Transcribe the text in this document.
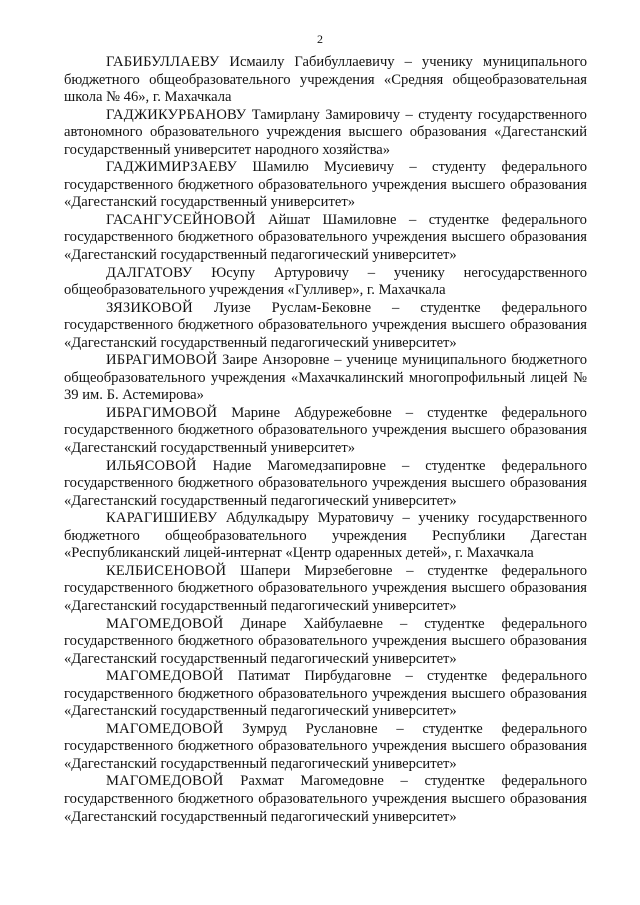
2

ГАБИБУЛЛАЕВУ Исмаилу Габибуллаевичу – ученику муниципального бюджетного общеобразовательного учреждения «Средняя общеобразовательная школа № 46», г. Махачкала

ГАДЖИКУРБАНОВУ Тамирлану Замировичу – студенту государственного автономного образовательного учреждения высшего образования «Дагестанский государственный университет народного хозяйства»

ГАДЖИМИРЗАЕВУ Шамилю Мусиевичу – студенту федерального государственного бюджетного образовательного учреждения высшего образования «Дагестанский государственный университет»

ГАСАНГУСЕЙНОВОЙ Айшат Шамиловне – студентке федерального государственного бюджетного образовательного учреждения высшего образования «Дагестанский государственный педагогический университет»

ДАЛГАТОВУ Юсупу Артуровичу – ученику негосударственного общеобразовательного учреждения «Гулливер», г. Махачкала

ЗЯЗИКОВОЙ Луизе Руслам-Бековне – студентке федерального государственного бюджетного образовательного учреждения высшего образования «Дагестанский государственный педагогический университет»

ИБРАГИМОВОЙ Заире Анзоровне – ученице муниципального бюджетного общеобразовательного учреждения «Махачкалинский многопрофильный лицей № 39 им. Б. Астемирова»

ИБРАГИМОВОЙ Марине Абдурежебовне – студентке федерального государственного бюджетного образовательного учреждения высшего образования «Дагестанский государственный университет»

ИЛЬЯСОВОЙ Надие Магомедзапировне – студентке федерального государственного бюджетного образовательного учреждения высшего образования «Дагестанский государственный педагогический университет»

КАРАГИШИЕВУ Абдулкадыру Муратовичу – ученику государственного бюджетного общеобразовательного учреждения Республики Дагестан «Республиканский лицей-интернат «Центр одаренных детей», г. Махачкала

КЕЛБИСЕНОВОЙ Шапери Мирзебеговне – студентке федерального государственного бюджетного образовательного учреждения высшего образования «Дагестанский государственный педагогический университет»

МАГОМЕДОВОЙ Динаре Хайбулаевне – студентке федерального государственного бюджетного образовательного учреждения высшего образования «Дагестанский государственный педагогический университет»

МАГОМЕДОВОЙ Патимат Пирбудаговне – студентке федерального государственного бюджетного образовательного учреждения высшего образования «Дагестанский государственный педагогический университет»

МАГОМЕДОВОЙ Зумруд Руслановне – студентке федерального государственного бюджетного образовательного учреждения высшего образования «Дагестанский государственный педагогический университет»

МАГОМЕДОВОЙ Рахмат Магомедовне – студентке федерального государственного бюджетного образовательного учреждения высшего образования «Дагестанский государственный педагогический университет»
